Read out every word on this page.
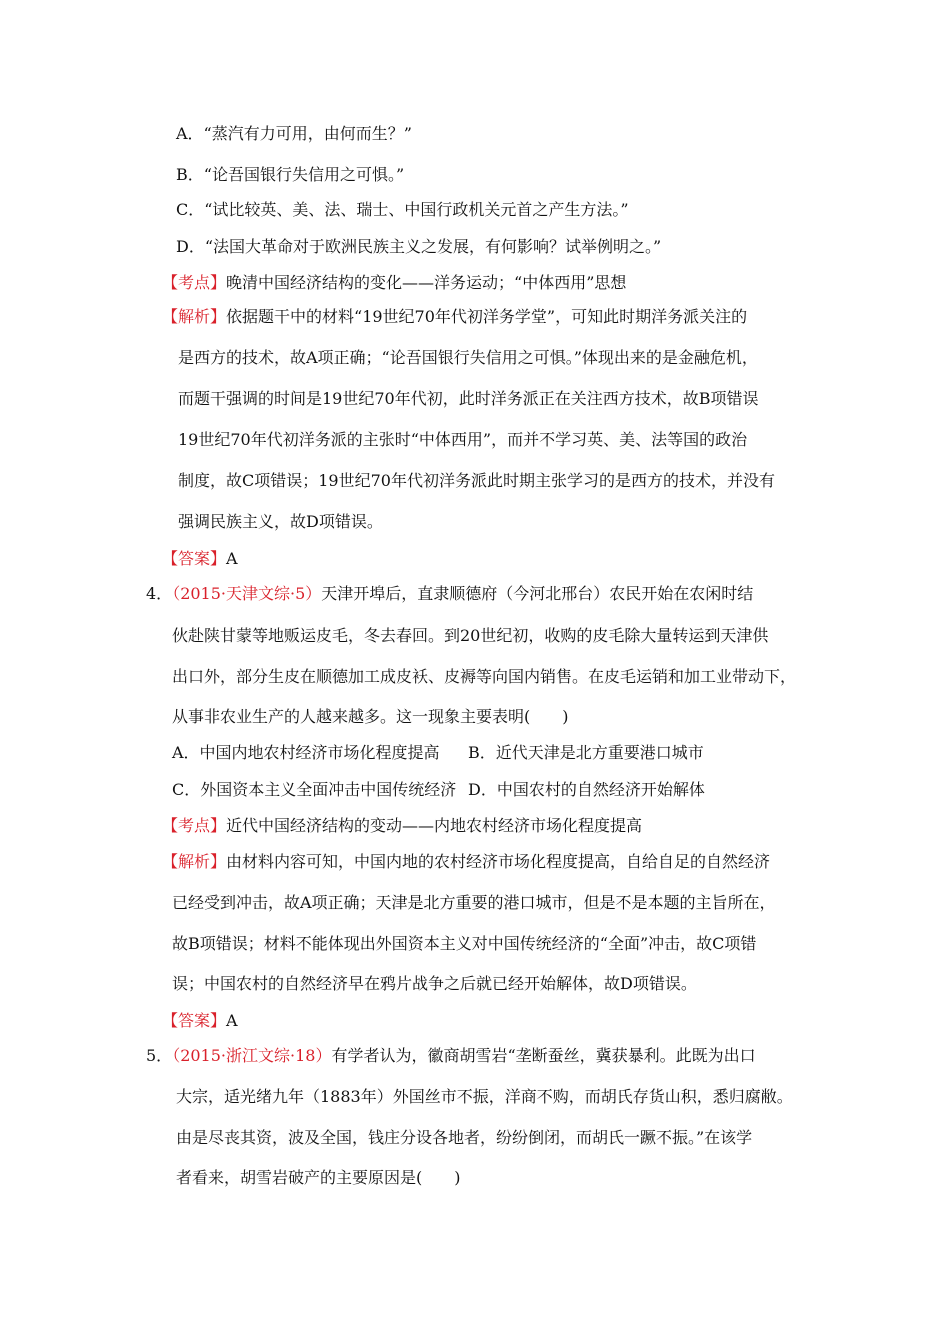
A．“蒸汽有力可用，由何而生？”
B．“论吾国银行失信用之可惧。”
C．“试比较英、美、法、瑞士、中国行政机关元首之产生方法。”
D．“法国大革命对于欧洲民族主义之发展，有何影响？试举例明之。”
【考点】晚清中国经济结构的变化——洋务运动；“中体西用”思想
【解析】依据题干中的材料“19世纪70年代初洋务学堂”，可知此时期洋务派关注的
是西方的技术，故A项正确；“论吾国银行失信用之可惧。”体现出来的是金融危机，
而题干强调的时间是19世纪70年代初，此时洋务派正在关注西方技术，故B项错误
19世纪70年代初洋务派的主张时“中体西用”，而并不学习英、美、法等国的政治
制度，故C项错误；19世纪70年代初洋务派此时期主张学习的是西方的技术，并没有
强调民族主义，故D项错误。
【答案】A
4．（2015·天津文综·5）天津开埠后，直隶顺德府（今河北邢台）农民开始在农闲时结
伙赴陕甘蒙等地贩运皮毛，冬去春回。到20世纪初，收购的皮毛除大量转运到天津供
出口外，部分生皮在顺德加工成皮袄、皮褥等向国内销售。在皮毛运销和加工业带动下，
从事非农业生产的人越来越多。这一现象主要表明(　　)
A．中国内地农村经济市场化程度提高 B．近代天津是北方重要港口城市
C．外国资本主义全面冲击中国传统经济 D．中国农村的自然经济开始解体
【考点】近代中国经济结构的变动——内地农村经济市场化程度提高
【解析】由材料内容可知，中国内地的农村经济市场化程度提高，自给自足的自然经济
已经受到冲击，故A项正确；天津是北方重要的港口城市，但是不是本题的主旨所在，
故B项错误；材料不能体现出外国资本主义对中国传统经济的“全面”冲击，故C项错
误；中国农村的自然经济早在鸦片战争之后就已经开始解体，故D项错误。
【答案】A
5．（2015·浙江文综·18）有学者认为，徽商胡雪岩“垄断蚕丝，冀获暴利。此既为出口
大宗，适光绪九年（1883年）外国丝市不振，洋商不购，而胡氏存货山积，悉归腐敝。
由是尽丧其资，波及全国，钱庄分设各地者，纷纷倒闭，而胡氏一蹶不振。”在该学
者看来，胡雪岩破产的主要原因是(　　)
